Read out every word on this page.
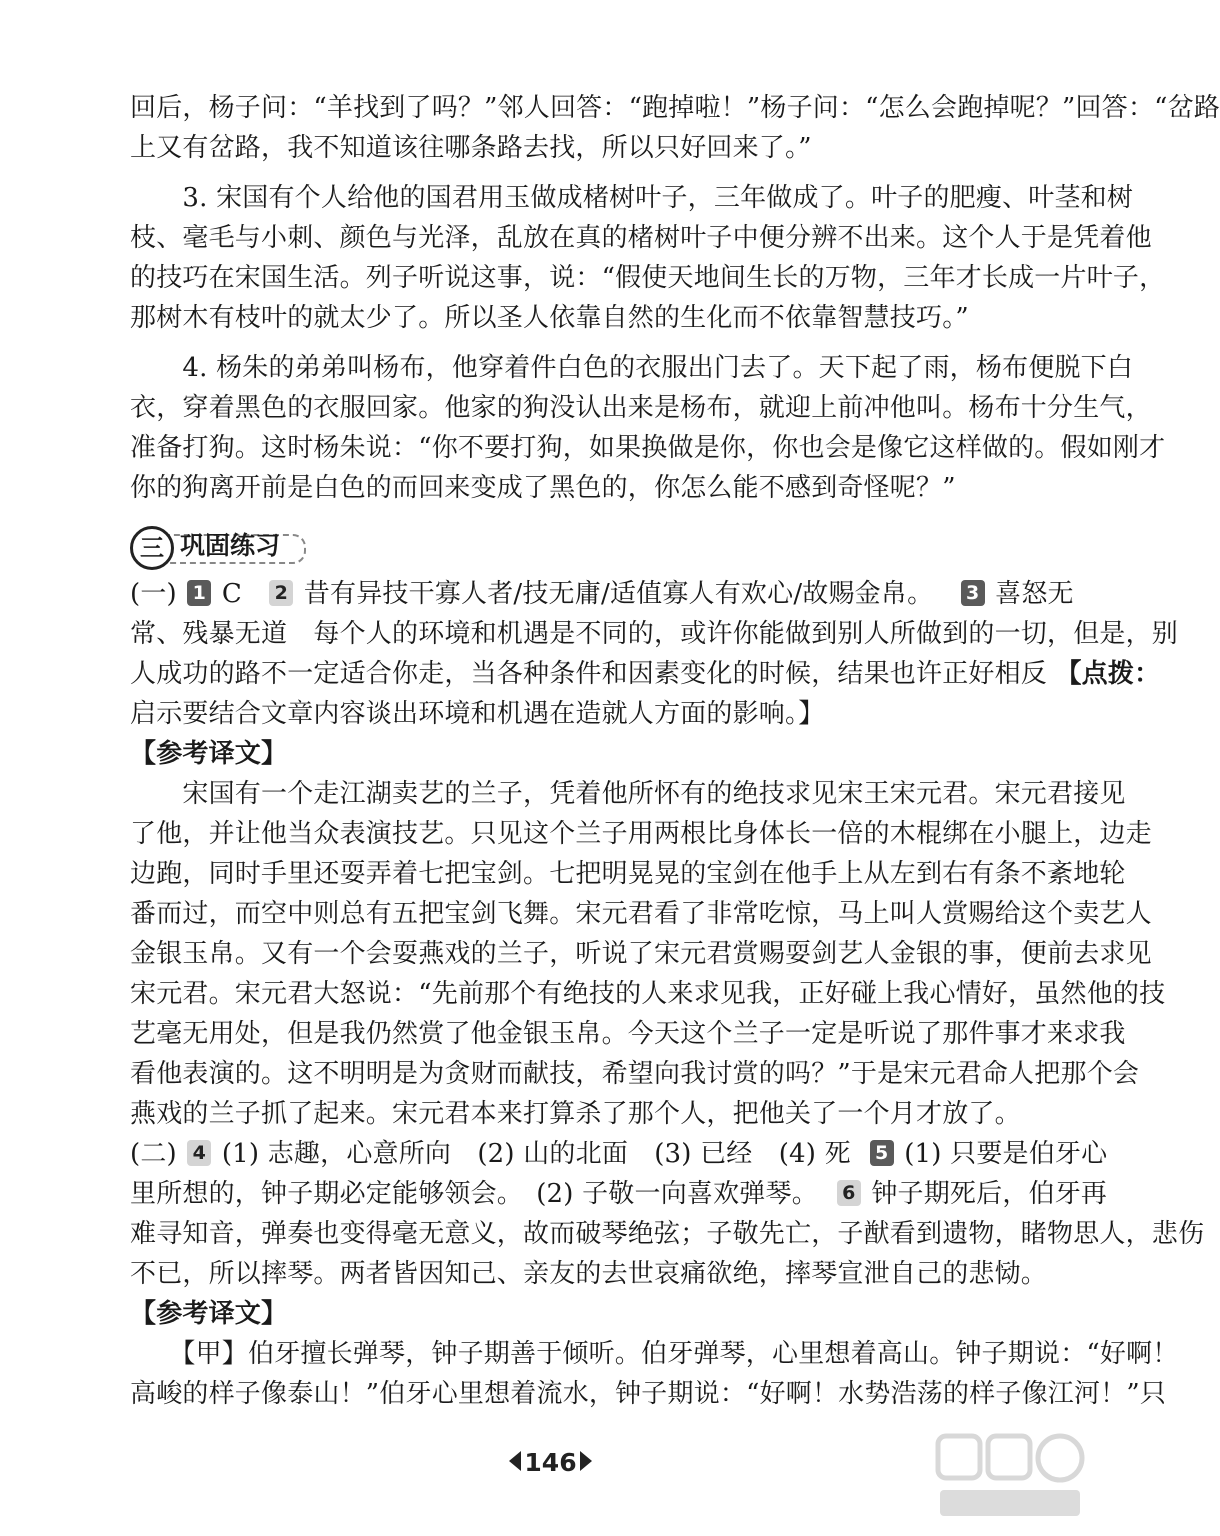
回后，杨子问：“羊找到了吗？”邻人回答：“跑掉啦！”杨子问：“怎么会跑掉呢？”回答：“岔路
上又有岔路，我不知道该往哪条路去找，所以只好回来了。”
　　3. 宋国有个人给他的国君用玉做成楮树叶子，三年做成了。叶子的肥瘦、叶茎和树
枝、毫毛与小刺、颜色与光泽，乱放在真的楮树叶子中便分辨不出来。这个人于是凭着他
的技巧在宋国生活。列子听说这事，说：“假使天地间生长的万物，三年才长成一片叶子，
那树木有枝叶的就太少了。所以圣人依靠自然的生化而不依靠智慧技巧。”
　　4. 杨朱的弟弟叫杨布，他穿着件白色的衣服出门去了。天下起了雨，杨布便脱下白
衣，穿着黑色的衣服回家。他家的狗没认出来是杨布，就迎上前冲他叫。杨布十分生气，
准备打狗。这时杨朱说：“你不要打狗，如果换做是你，你也会是像它这样做的。假如刚才
你的狗离开前是白色的而回来变成了黑色的，你怎么能不感到奇怪呢？”
三 巩固练习
(一) 1 C 2 昔有异技干寡人者/技无庸/适值寡人有欢心/故赐金帛。 3 喜怒无
常、残暴无道　每个人的环境和机遇是不同的，或许你能做到别人所做到的一切，但是，别
人成功的路不一定适合你走，当各种条件和因素变化的时候，结果也许正好相反 【点拨：
启示要结合文章内容谈出环境和机遇在造就人方面的影响。】
【参考译文】
　　宋国有一个走江湖卖艺的兰子，凭着他所怀有的绝技求见宋王宋元君。宋元君接见
了他，并让他当众表演技艺。只见这个兰子用两根比身体长一倍的木棍绑在小腿上，边走
边跑，同时手里还耍弄着七把宝剑。七把明晃晃的宝剑在他手上从左到右有条不紊地轮
番而过，而空中则总有五把宝剑飞舞。宋元君看了非常吃惊，马上叫人赏赐给这个卖艺人
金银玉帛。又有一个会耍燕戏的兰子，听说了宋元君赏赐耍剑艺人金银的事，便前去求见
宋元君。宋元君大怒说：“先前那个有绝技的人来求见我，正好碰上我心情好，虽然他的技
艺毫无用处，但是我仍然赏了他金银玉帛。今天这个兰子一定是听说了那件事才来求我
看他表演的。这不明明是为贪财而献技，希望向我讨赏的吗？”于是宋元君命人把那个会
燕戏的兰子抓了起来。宋元君本来打算杀了那个人，把他关了一个月才放了。
(二) 4 (1) 志趣，心意所向　(2) 山的北面　(3) 已经　(4) 死 5 (1) 只要是伯牙心
里所想的，钟子期必定能够领会。　(2) 子敬一向喜欢弹琴。 6 钟子期死后，伯牙再
难寻知音，弹奏也变得毫无意义，故而破琴绝弦；子敬先亡，子猷看到遗物，睹物思人，悲伤
不已，所以摔琴。两者皆因知己、亲友的去世哀痛欲绝，摔琴宣泄自己的悲恸。
【参考译文】
　　【甲】伯牙擅长弹琴，钟子期善于倾听。伯牙弹琴，心里想着高山。钟子期说：“好啊！
高峻的样子像泰山！”伯牙心里想着流水，钟子期说：“好啊！水势浩荡的样子像江河！”只
146
